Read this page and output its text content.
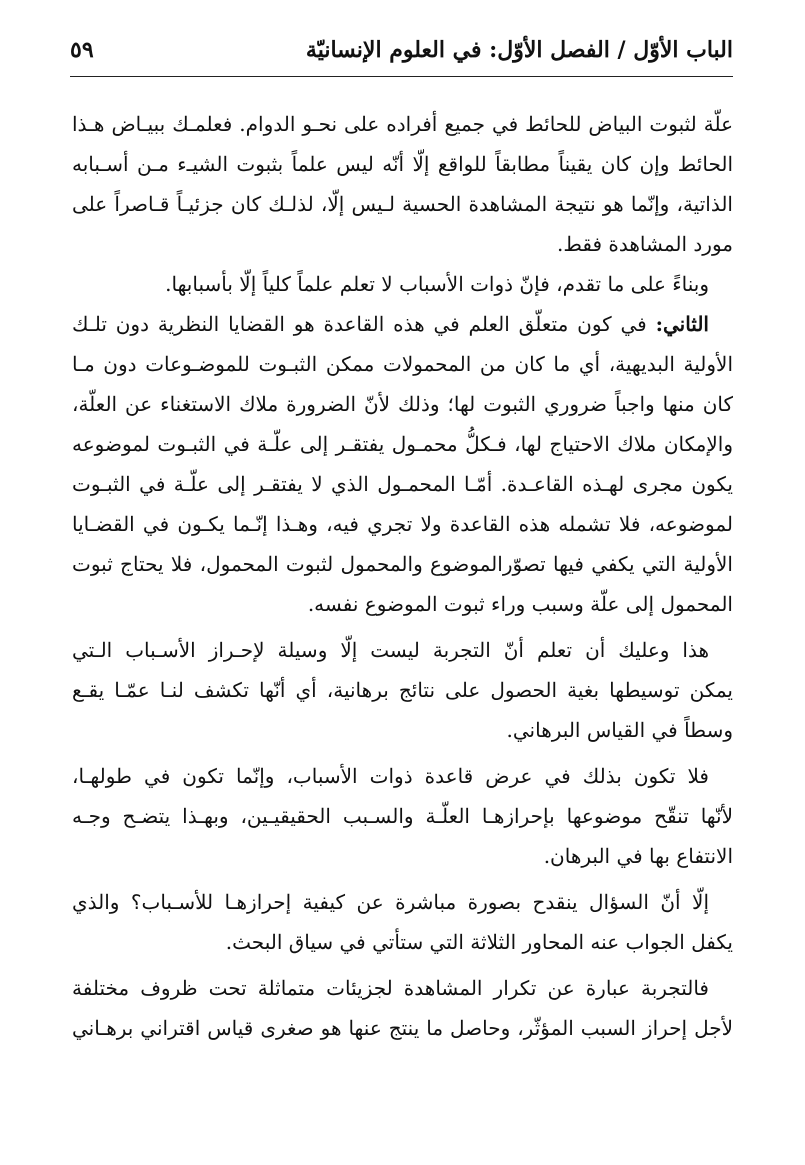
الباب الأوّل / الفصل الأوّل: في العلوم الإنسانيّة
٥٩
علّة لثبوت البياض للحائط في جميع أفراده على نحـو الدوام. فعلمـك ببيـاض هـذا
الحائط وإن كان يقيناً مطابقاً للواقع إلّا أنّه ليس علماً بثبوت الشيـء مـن أسـبابه
الذاتية، وإنّما هو نتيجة المشاهدة الحسية لـيس إلّا، لذلـك كان جزئيـاً قـاصراً على
مورد المشاهدة فقط.
وبناءً على ما تقدم، فإنّ ذوات الأسباب لا تعلم علماً كلياً إلّا بأسبابها.
الثاني: في كون متعلّق العلم في هذه القاعدة هو القضايا النظرية دون تلـك
الأولية البديهية، أي ما كان من المحمولات ممكن الثبـوت للموضـوعات دون مـا
كان منها واجباً ضروري الثبوت لها؛ وذلك لأنّ الضرورة ملاك الاستغناء عن العلّة،
والإمكان ملاك الاحتياج لها، فـكلُّ محمـول يفتقـر إلى علّـة في الثبـوت لموضوعه
يكون مجرى لهـذه القاعـدة. أمّـا المحمـول الذي لا يفتقـر إلى علّـة في الثبـوت
لموضوعه، فلا تشمله هذه القاعدة ولا تجري فيه، وهـذا إنّـما يكـون في القضـايا
الأولية التي يكفي فيها تصوّرالموضوع والمحمول لثبوت المحمول، فلا يحتاج ثبوت
المحمول إلى علّة وسبب وراء ثبوت الموضوع نفسه.
هذا وعليك أن تعلم أنّ التجربة ليست إلّا وسيلة لإحـراز الأسـباب الـتي
يمكن توسيطها بغية الحصول على نتائج برهانية، أي أنّها تكشف لنـا عمّـا يقـع
وسطاً في القياس البرهاني.
فلا تكون بذلك في عرض قاعدة ذوات الأسباب، وإنّما تكون في طولهـا،
لأنّها تنقّح موضوعها بإحرازهـا العلّـة والسـبب الحقيقيـين، وبهـذا يتضـح وجـه
الانتفاع بها في البرهان.
إلّا أنّ السؤال ينقدح بصورة مباشرة عن كيفية إحرازهـا للأسـباب؟ والذي
يكفل الجواب عنه المحاور الثلاثة التي ستأتي في سياق البحث.
فالتجربة عبارة عن تكرار المشاهدة لجزيئات متماثلة تحت ظروف مختلفة
لأجل إحراز السبب المؤثّر، وحاصل ما ينتج عنها هو صغرى قياس اقتراني برهـاني
